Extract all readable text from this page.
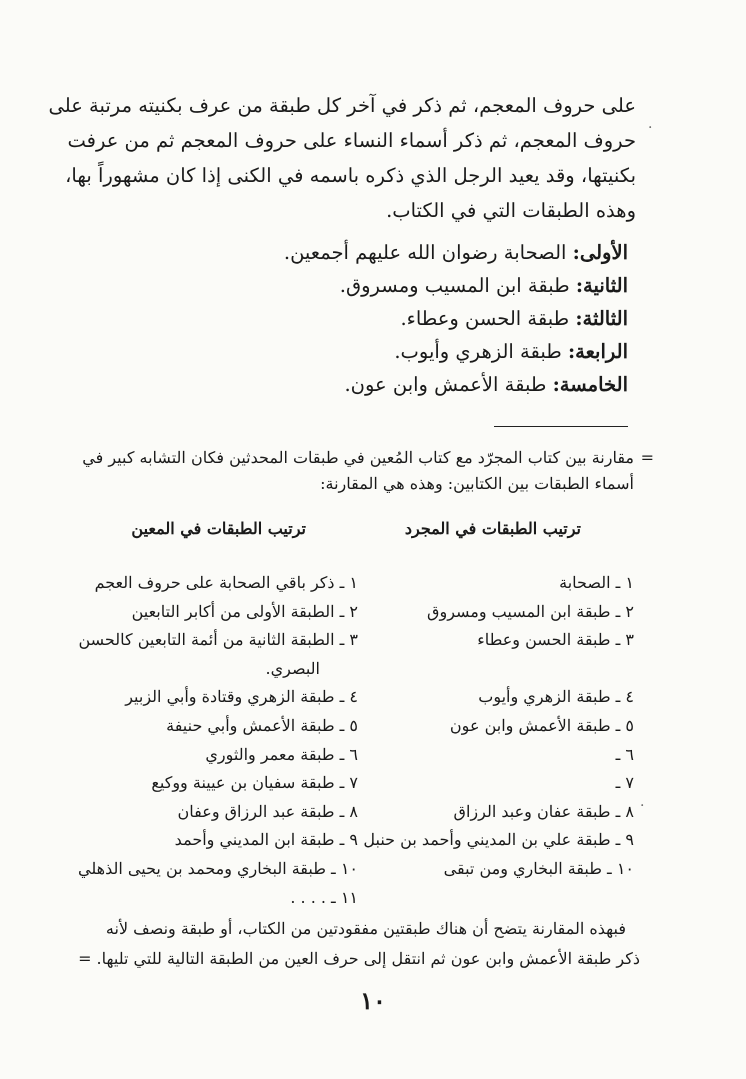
على حروف المعجم، ثم ذكر في آخر كل طبقة من عرف بكنيته مرتبة على
حروف المعجم، ثم ذكر أسماء النساء على حروف المعجم ثم من عرفت
بكنيتها، وقد يعيد الرجل الذي ذكره باسمه في الكنى إذا كان مشهوراً بها،
وهذه الطبقات التي في الكتاب.
الأولى: الصحابة رضوان الله عليهم أجمعين.
الثانية: طبقة ابن المسيب ومسروق.
الثالثة: طبقة الحسن وعطاء.
الرابعة: طبقة الزهري وأيوب.
الخامسة: طبقة الأعمش وابن عون.
=مقارنة بين كتاب المجرّد مع كتاب المُعين في طبقات المحدثين فكان التشابه كبير في
أسماء الطبقات بين الكتابين: وهذه هي المقارنة:
ترتيب الطبقات في المجرد
ترتيب الطبقات في المعين
١ ـ الصحابة
٢ ـ طبقة ابن المسيب ومسروق
٣ ـ طبقة الحسن وعطاء
٤ ـ طبقة الزهري وأيوب
٥ ـ طبقة الأعمش وابن عون
٦ ـ
٧ ـ
٨ ـ طبقة عفان وعبد الرزاق
٩ ـ طبقة علي بن المديني وأحمد بن حنبل
١٠ ـ طبقة البخاري ومن تبقى
١ ـ ذكر باقي الصحابة على حروف العجم
٢ ـ الطبقة الأولى من أكابر التابعين
٣ ـ الطبقة الثانية من أئمة التابعين كالحسن
البصري.
٤ ـ طبقة الزهري وقتادة وأبي الزبير
٥ ـ طبقة الأعمش وأبي حنيفة
٦ ـ طبقة معمر والثوري
٧ ـ طبقة سفيان بن عيينة ووكيع
٨ ـ طبقة عبد الرزاق وعفان
٩ ـ طبقة ابن المديني وأحمد
١٠ ـ طبقة البخاري ومحمد بن يحيى الذهلي
١١ ـ . . . .
فبهذه المقارنة يتضح أن هناك طبقتين مفقودتين من الكتاب، أو طبقة ونصف لأنه
ذكر طبقة الأعمش وابن عون ثم انتقل إلى حرف العين من الطبقة التالية للتي تليها. =
١٠
·
·
